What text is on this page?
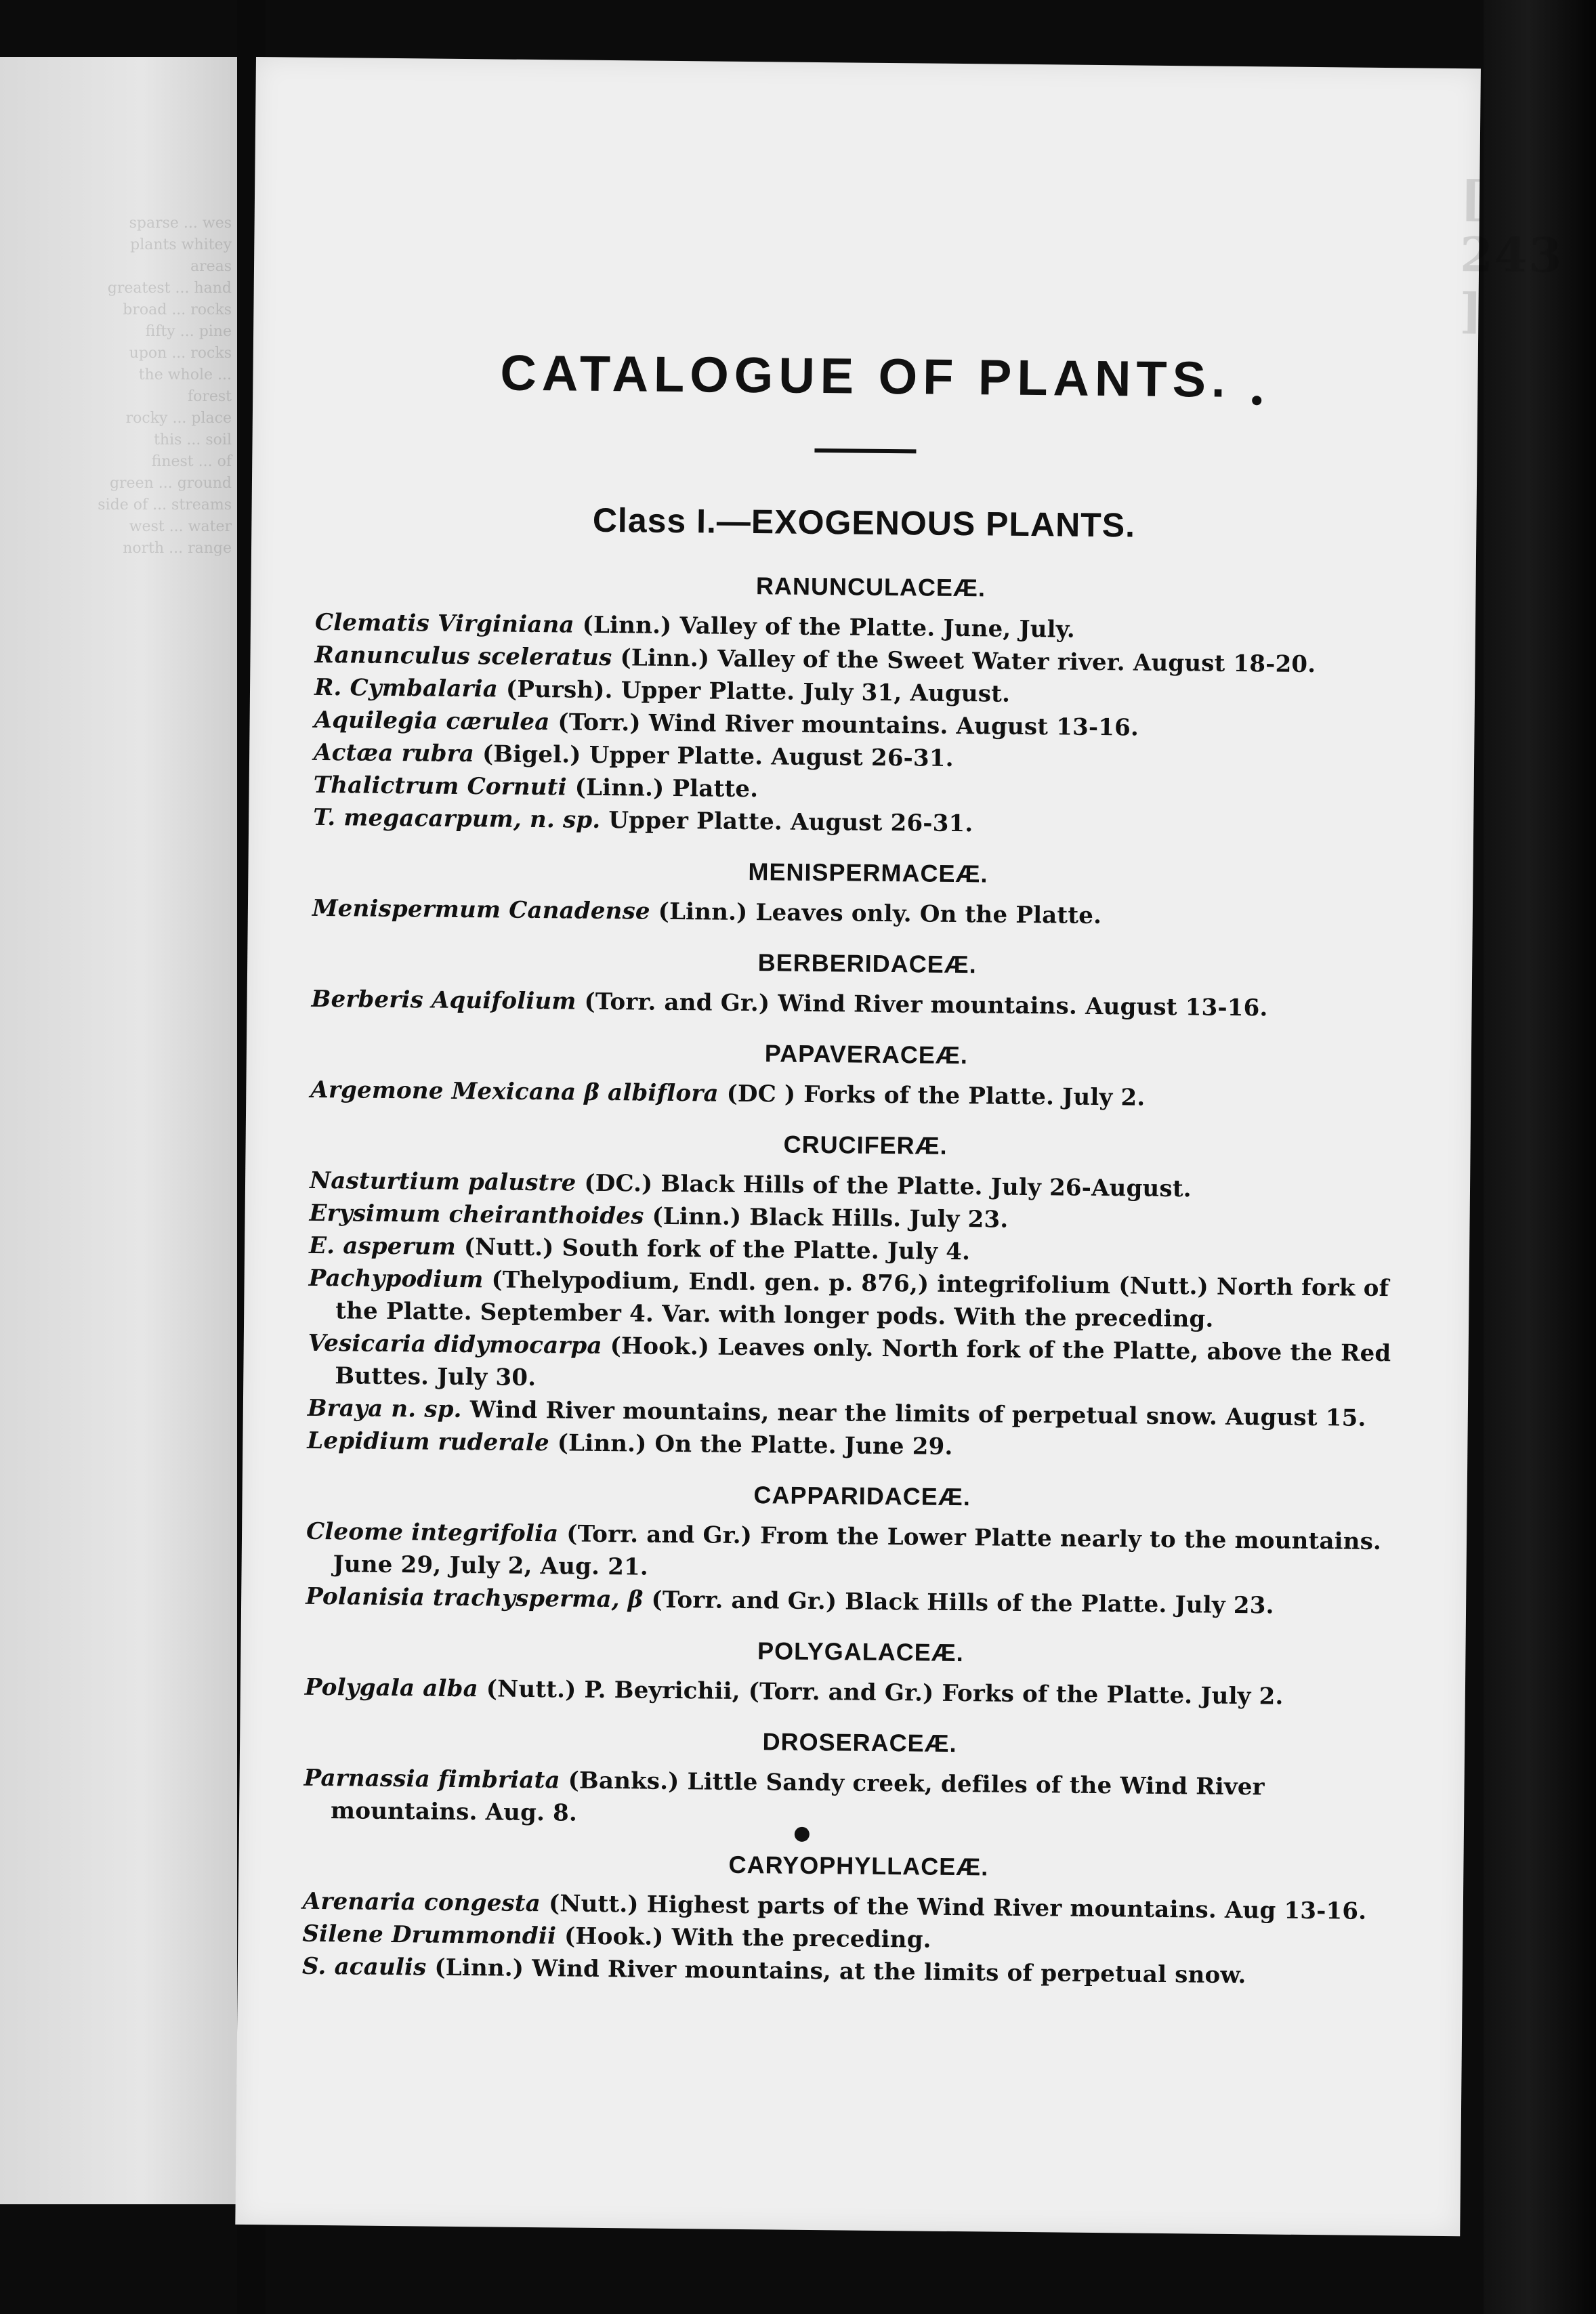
sparse ... wes
plants whitey areas
greatest ... hand
broad ... rocks
fifty ... pine
upon ... rocks
the whole ... forest
rocky ... place
this ... soil
finest ... of
green ... ground
side of ... streams
west ... water
north ... range
[ 243 ]
CATALOGUE OF PLANTS.
Class I.—EXOGENOUS PLANTS.
RANUNCULACEÆ.
Clematis Virginiana (Linn.) Valley of the Platte. June, July.
Ranunculus sceleratus (Linn.) Valley of the Sweet Water river. August 18-20.
R. Cymbalaria (Pursh). Upper Platte. July 31, August.
Aquilegia cærulea (Torr.) Wind River mountains. August 13-16.
Actæa rubra (Bigel.) Upper Platte. August 26-31.
Thalictrum Cornuti (Linn.) Platte.
T. megacarpum, n. sp. Upper Platte. August 26-31.
MENISPERMACEÆ.
Menispermum Canadense (Linn.) Leaves only. On the Platte.
BERBERIDACEÆ.
Berberis Aquifolium (Torr. and Gr.) Wind River mountains. August 13-16.
PAPAVERACEÆ.
Argemone Mexicana β albiflora (DC ) Forks of the Platte. July 2.
CRUCIFERÆ.
Nasturtium palustre (DC.) Black Hills of the Platte. July 26-August.
Erysimum cheiranthoides (Linn.) Black Hills. July 23.
E. asperum (Nutt.) South fork of the Platte. July 4.
Pachypodium (Thelypodium, Endl. gen. p. 876,) integrifolium (Nutt.) North fork of the Platte. September 4. Var. with longer pods. With the preceding.
Vesicaria didymocarpa (Hook.) Leaves only. North fork of the Platte, above the Red Buttes. July 30.
Braya n. sp. Wind River mountains, near the limits of perpetual snow. August 15.
Lepidium ruderale (Linn.) On the Platte. June 29.
CAPPARIDACEÆ.
Cleome integrifolia (Torr. and Gr.) From the Lower Platte nearly to the mountains. June 29, July 2, Aug. 21.
Polanisia trachysperma, β (Torr. and Gr.) Black Hills of the Platte. July 23.
POLYGALACEÆ.
Polygala alba (Nutt.) P. Beyrichii, (Torr. and Gr.) Forks of the Platte. July 2.
DROSERACEÆ.
Parnassia fimbriata (Banks.) Little Sandy creek, defiles of the Wind River mountains. Aug. 8.
CARYOPHYLLACEÆ.
Arenaria congesta (Nutt.) Highest parts of the Wind River mountains. Aug 13-16.
Silene Drummondii (Hook.) With the preceding.
S. acaulis (Linn.) Wind River mountains, at the limits of perpetual snow.
